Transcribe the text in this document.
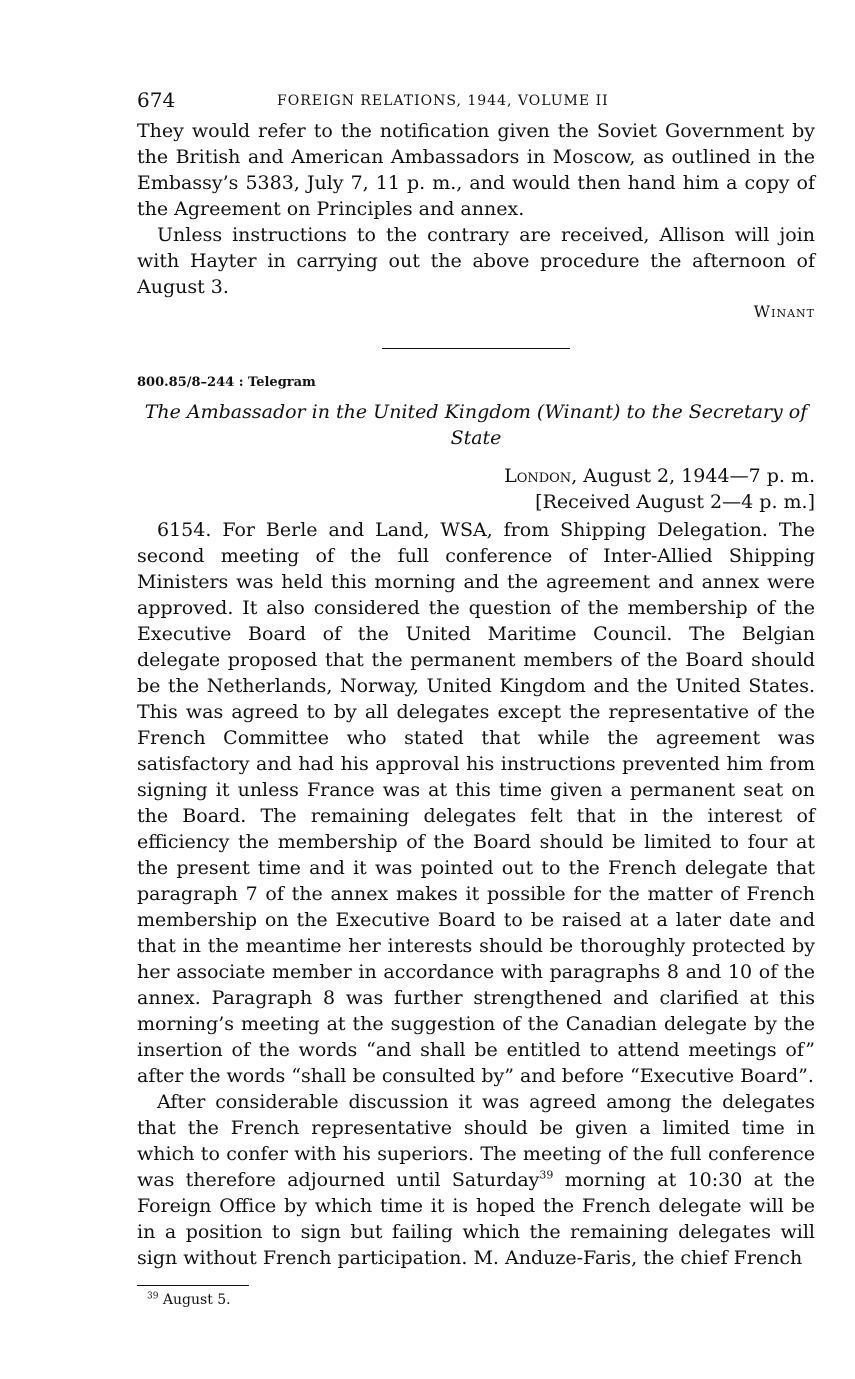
674	FOREIGN RELATIONS, 1944, VOLUME II

They would refer to the notification given the Soviet Government by the British and American Ambassadors in Moscow, as outlined in the Embassy’s 5383, July 7, 11 p. m., and would then hand him a copy of the Agreement on Principles and annex.

Unless instructions to the contrary are received, Allison will join with Hayter in carrying out the above procedure the afternoon of August 3.

Winant
800.85/8–244 : Telegram

The Ambassador in the United Kingdom (Winant) to the Secretary of State

London, August 2, 1944—7 p. m.

[Received August 2—4 p. m.]

6154. For Berle and Land, WSA, from Shipping Delegation. The second meeting of the full conference of Inter-Allied Shipping Ministers was held this morning and the agreement and annex were approved. It also considered the question of the membership of the Executive Board of the United Maritime Council. The Belgian delegate proposed that the permanent members of the Board should be the Netherlands, Norway, United Kingdom and the United States. This was agreed to by all delegates except the representative of the French Committee who stated that while the agreement was satisfactory and had his approval his instructions prevented him from signing it unless France was at this time given a permanent seat on the Board. The remaining delegates felt that in the interest of efficiency the membership of the Board should be limited to four at the present time and it was pointed out to the French delegate that paragraph 7 of the annex makes it possible for the matter of French membership on the Executive Board to be raised at a later date and that in the meantime her interests should be thoroughly protected by her associate member in accordance with paragraphs 8 and 10 of the annex. Paragraph 8 was further strengthened and clarified at this morning’s meeting at the suggestion of the Canadian delegate by the insertion of the words “and shall be entitled to attend meetings of” after the words “shall be consulted by” and before “Executive Board”.

After considerable discussion it was agreed among the delegates that the French representative should be given a limited time in which to confer with his superiors. The meeting of the full conference was therefore adjourned until Saturday$^{39}$ morning at 10:30 at the Foreign Office by which time it is hoped the French delegate will be in a position to sign but failing which the remaining delegates will sign without French participation. M. Anduze-Faris, the chief French

$^{39}$ August 5.
